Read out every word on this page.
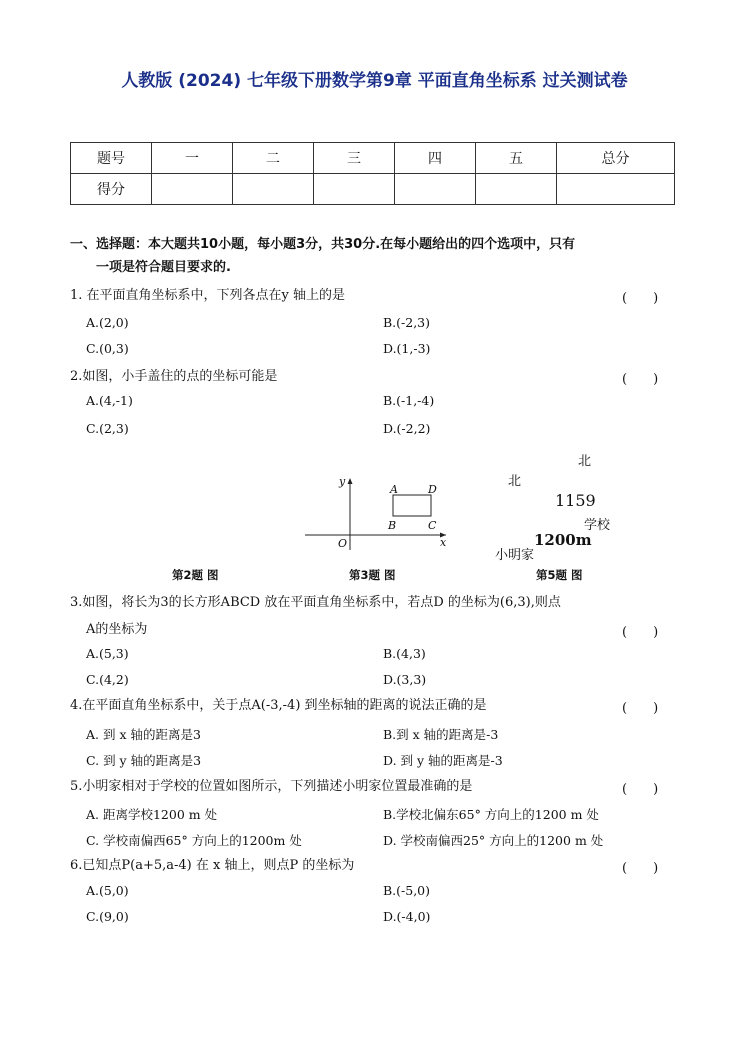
人教版 (2024) 七年级下册数学第9章 平面直角坐标系 过关测试卷
题号	一	二	三	四	五	总分
得分						
一、选择题：本大题共10小题，每小题3分，共30分.在每小题给出的四个选项中，只有
一项是符合题目要求的.
1. 在平面直角坐标系中，下列各点在y 轴上的是	(　　)
A.(2,0)	B.(-2,3)
C.(0,3)	D.(1,-3)
2.如图，小手盖住的点的坐标可能是	(　　)
A.(4,-1)	B.(-1,-4)
C.(2,3)	D.(-2,2)
y
x
O
A	D
B	C
北
北
1159
学校
1200m
小明家
第2题 图	第3题 图	第5题 图
3.如图，将长为3的长方形ABCD 放在平面直角坐标系中，若点D 的坐标为(6,3),则点
A的坐标为	(　　)
A.(5,3)	B.(4,3)
C.(4,2)	D.(3,3)
4.在平面直角坐标系中，关于点A(-3,-4) 到坐标轴的距离的说法正确的是	(　　)
A. 到 x 轴的距离是3	B.到 x 轴的距离是-3
C. 到 y 轴的距离是3	D. 到 y 轴的距离是-3
5.小明家相对于学校的位置如图所示，下列描述小明家位置最准确的是	(　　)
A. 距离学校1200 m 处	B.学校北偏东65° 方向上的1200 m 处
C. 学校南偏西65° 方向上的1200m 处	D. 学校南偏西25° 方向上的1200 m 处
6.已知点P(a+5,a-4) 在 x 轴上，则点P 的坐标为	(　　)
A.(5,0)	B.(-5,0)
C.(9,0)	D.(-4,0)
